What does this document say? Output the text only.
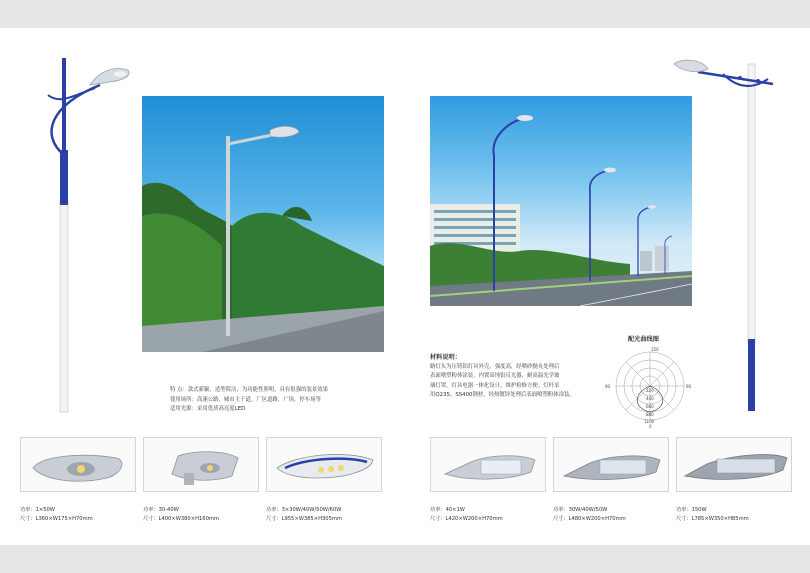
特 点：款式新颖，造型简洁，为功能性照明，具有很强的装景效果
使用场所：高速公路，城市主干道，厂区道路，广场，停车场等
适用光源：采用优质高亮度LED
配光曲线图
150
90	90
220
440
660
880
1100
0
材料说明：
路灯头为压铸铝灯具外壳，强度高，经喷砂抛丸处理后
表面喷塑粉体涂装，内置高纯铝反光器，耐高温光学玻
璃灯罩，灯具电器一体化设计，维护检修方便；灯杆采
用Q235、SS400钢材，经热镀锌处理后表面喷塑粉体涂装。
功率：1×50W
尺寸：L360×W175×H70mm
功率：30-40W
尺寸：L400×W380×H160mm
功率：3×30W/40W/50W/60W
尺寸：L955×W385×H305mm
功率：40×1W
尺寸：L420×W200×H70mm
功率：30W/40W/50W
尺寸：L480×W200×H70mm
功率：150W
尺寸：L785×W350×H85mm
